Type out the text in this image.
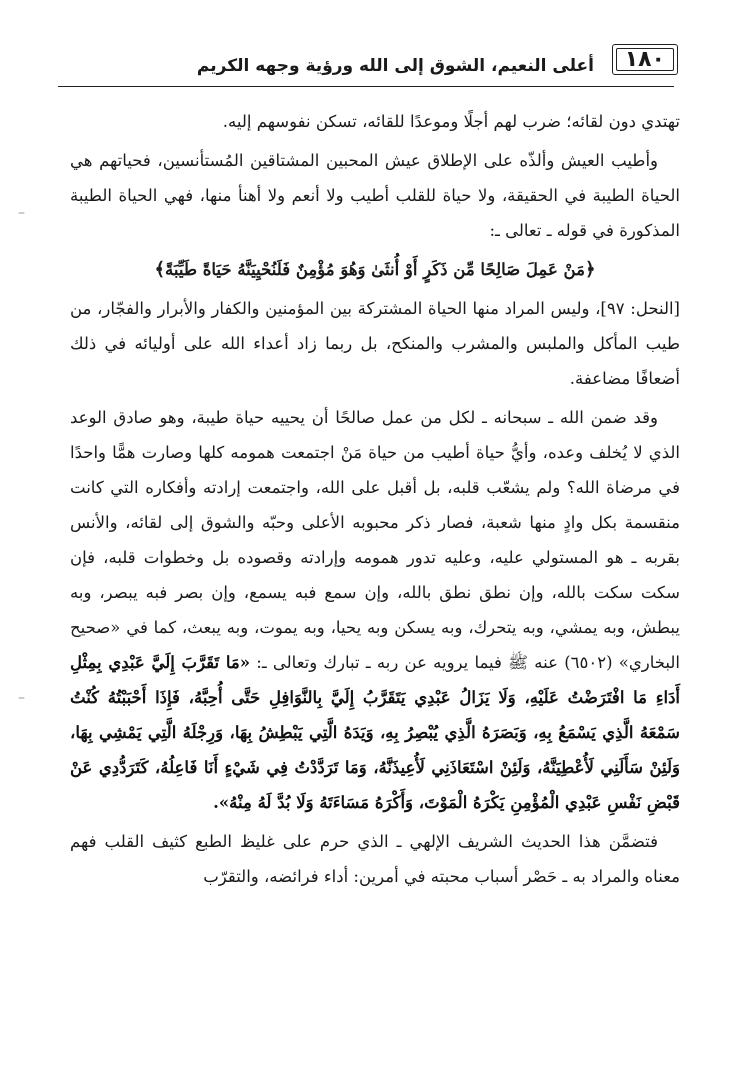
١٨٠
أعلى النعيم، الشوق إلى الله ورؤية وجهه الكريم
–
–

تهتدي دون لقائه؛ ضرب لهم أجلًا وموعدًا للقائه، تسكن نفوسهم إليه.

وأطيب العيش وألذّه على الإطلاق عيش المحبين المشتاقين المُستأنسين، فحياتهم هي الحياة الطيبة في الحقيقة، ولا حياة للقلب أطيب ولا أنعم ولا أهنأ منها، فهي الحياة الطيبة المذكورة في قوله ـ تعالى ـ:

﴿مَنْ عَمِلَ صَالِحًا مِّن ذَكَرٍ أَوْ أُنثَىٰ وَهُوَ مُؤْمِنٌ فَلَنُحْيِيَنَّهُ حَيَاةً طَيِّبَةً﴾

[النحل: ٩٧]، وليس المراد منها الحياة المشتركة بين المؤمنين والكفار والأبرار والفجّار، من طيب المأكل والملبس والمشرب والمنكح، بل ربما زاد أعداء الله على أوليائه في ذلك أضعافًا مضاعفة.

وقد ضمن الله ـ سبحانه ـ لكل من عمل صالحًا أن يحييه حياة طيبة، وهو صادق الوعد الذي لا يُخلف وعده، وأيُّ حياة أطيب من حياة مَنْ اجتمعت همومه كلها وصارت همًّا واحدًا في مرضاة الله؟ ولم يشعّب قلبه، بل أقبل على الله، واجتمعت إرادته وأفكاره التي كانت منقسمة بكل وادٍ منها شعبة، فصار ذكر محبوبه الأعلى وحبّه والشوق إلى لقائه، والأنس بقربه ـ هو المستولي عليه، وعليه تدور همومه وإرادته وقصوده بل وخطوات قلبه، فإن سكت سكت بالله، وإن نطق نطق بالله، وإن سمع فبه يسمع، وإن بصر فبه يبصر، وبه يبطش، وبه يمشي، وبه يتحرك، وبه يسكن وبه يحيا، وبه يموت، وبه يبعث، كما في «صحيح البخاري» (٦٥٠٢) عنه ﷺ فيما يرويه عن ربه ـ تبارك وتعالى ـ: «مَا تَقَرَّبَ إِلَيَّ عَبْدِي بِمِثْلِ أَدَاءِ مَا افْتَرَضْتُ عَلَيْهِ، وَلَا يَزَالُ عَبْدِي يَتَقَرَّبُ إِلَيَّ بِالنَّوَافِلِ حَتَّى أُحِبَّهُ، فَإِذَا أَحْبَبْتُهُ كُنْتُ سَمْعَهُ الَّذِي يَسْمَعُ بِهِ، وَبَصَرَهُ الَّذِي يُبْصِرُ بِهِ، وَيَدَهُ الَّتِي يَبْطِشُ بِهَا، وَرِجْلَهُ الَّتِي يَمْشِي بِهَا، وَلَئِنْ سَأَلَنِي لَأُعْطِيَنَّهُ، وَلَئِنْ اسْتَعَاذَنِي لَأُعِيذَنَّهُ، وَمَا تَرَدَّدْتُ فِي شَيْءٍ أَنَا فَاعِلُهُ، كَتَرَدُّدِي عَنْ قَبْضِ نَفْسِ عَبْدِي الْمُؤْمِنِ يَكْرَهُ الْمَوْتَ، وَأَكْرَهُ مَسَاءَتَهُ وَلَا بُدَّ لَهُ مِنْهُ».

فتضمَّن هذا الحديث الشريف الإلهي ـ الذي حرم على غليظ الطبع كثيف القلب فهم معناه والمراد به ـ حَصْر أسباب محبته في أمرين: أداء فرائضه، والتقرّب
